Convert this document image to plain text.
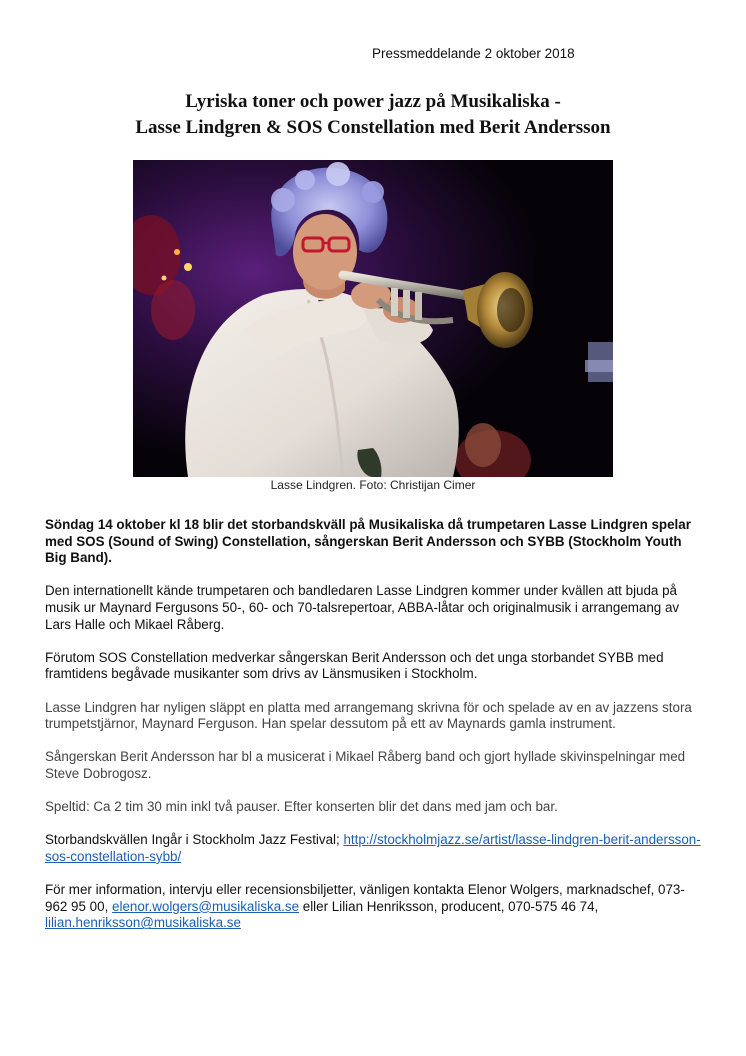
Pressmeddelande 2 oktober 2018
Lyriska toner och power jazz på Musikaliska -
Lasse Lindgren & SOS Constellation med Berit Andersson
Lasse Lindgren. Foto: Christijan Cimer

Söndag 14 oktober kl 18 blir det storbandskväll på Musikaliska då trumpetaren Lasse Lindgren spelar med SOS (Sound of Swing) Constellation, sångerskan Berit Andersson och SYBB (Stockholm Youth Big Band).

Den internationellt kände trumpetaren och bandledaren Lasse Lindgren kommer under kvällen att bjuda på musik ur Maynard Fergusons 50-, 60- och 70-talsrepertoar, ABBA-låtar och originalmusik i arrangemang av Lars Halle och Mikael Råberg.

Förutom SOS Constellation medverkar sångerskan Berit Andersson och det unga storbandet SYBB med framtidens begåvade musikanter som drivs av Länsmusiken i Stockholm.

Lasse Lindgren har nyligen släppt en platta med arrangemang skrivna för och spelade av en av jazzens stora trumpetstjärnor, Maynard Ferguson. Han spelar dessutom på ett av Maynards gamla instrument.

Sångerskan Berit Andersson har bl a musicerat i Mikael Råberg band och gjort hyllade skivinspelningar med Steve Dobrogosz.

Speltid: Ca 2 tim 30 min inkl två pauser. Efter konserten blir det dans med jam och bar.

Storbandskvällen Ingår i Stockholm Jazz Festival; http://stockholmjazz.se/artist/lasse-lindgren-berit-andersson-sos-constellation-sybb/

För mer information, intervju eller recensionsbiljetter, vänligen kontakta Elenor Wolgers, marknadschef, 073-962 95 00, elenor.wolgers@musikaliska.se eller Lilian Henriksson, producent, 070-575 46 74, lilian.henriksson@musikaliska.se
